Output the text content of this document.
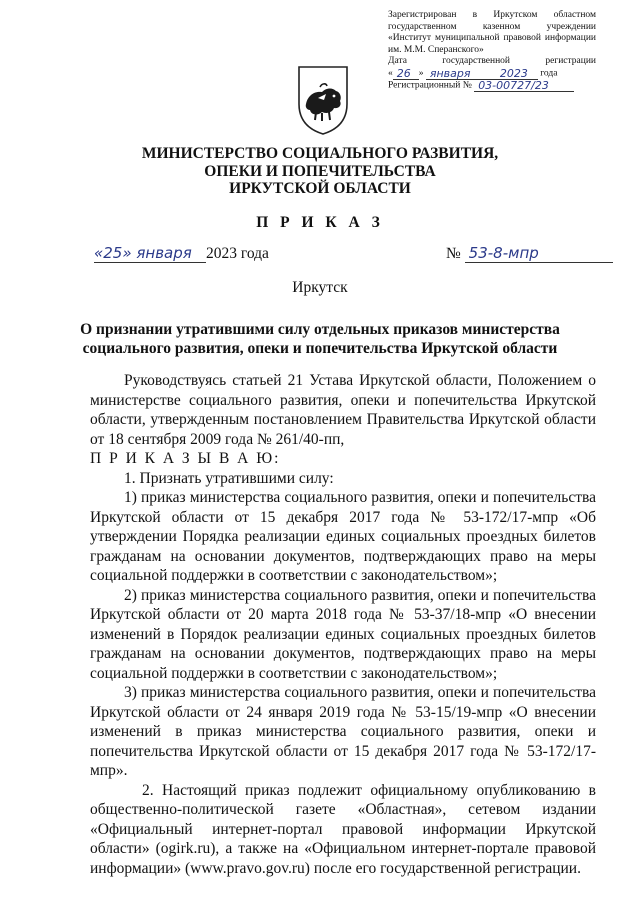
Зарегистрирован в Иркутском областном
государственном казенном учреждении
«Институт муниципальной правовой информации
им. М.М. Сперанского»
Дата государственной регистрации
« 26 » января	2023 года
Регистрационный № 03-00727/23
МИНИСТЕРСТВО СОЦИАЛЬНОГО РАЗВИТИЯ,
ОПЕКИ И ПОПЕЧИТЕЛЬСТВА
ИРКУТСКОЙ ОБЛАСТИ
П Р И К А З
«25» января 2023 года	№ 53-8-мпр
Иркутск
О признании утратившими силу отдельных приказов министерства
социального развития, опеки и попечительства Иркутской области

Руководствуясь статьей 21 Устава Иркутской области, Положением о министерстве социального развития, опеки и попечительства Иркутской области, утвержденным постановлением Правительства Иркутской области от 18 сентября 2009 года № 261/40-пп,

П Р И К А З Ы В А Ю:

1. Признать утратившими силу:

1) приказ министерства социального развития, опеки и попечительства Иркутской области от 15 декабря 2017 года № 53-172/17-мпр «Об утверждении Порядка реализации единых социальных проездных билетов гражданам на основании документов, подтверждающих право на меры социальной поддержки в соответствии с законодательством»;

2) приказ министерства социального развития, опеки и попечительства Иркутской области от 20 марта 2018 года № 53-37/18-мпр «О внесении изменений в Порядок реализации единых социальных проездных билетов гражданам на основании документов, подтверждающих право на меры социальной поддержки в соответствии с законодательством»;

3) приказ министерства социального развития, опеки и попечительства Иркутской области от 24 января 2019 года № 53-15/19-мпр «О внесении изменений в приказ министерства социального развития, опеки и попечительства Иркутской области от 15 декабря 2017 года № 53-172/17-мпр».

2. Настоящий приказ подлежит официальному опубликованию в общественно-политической газете «Областная», сетевом издании «Официальный интернет-портал правовой информации Иркутской области» (ogirk.ru), а также на «Официальном интернет-портале правовой информации» (www.pravo.gov.ru) после его государственной регистрации.
